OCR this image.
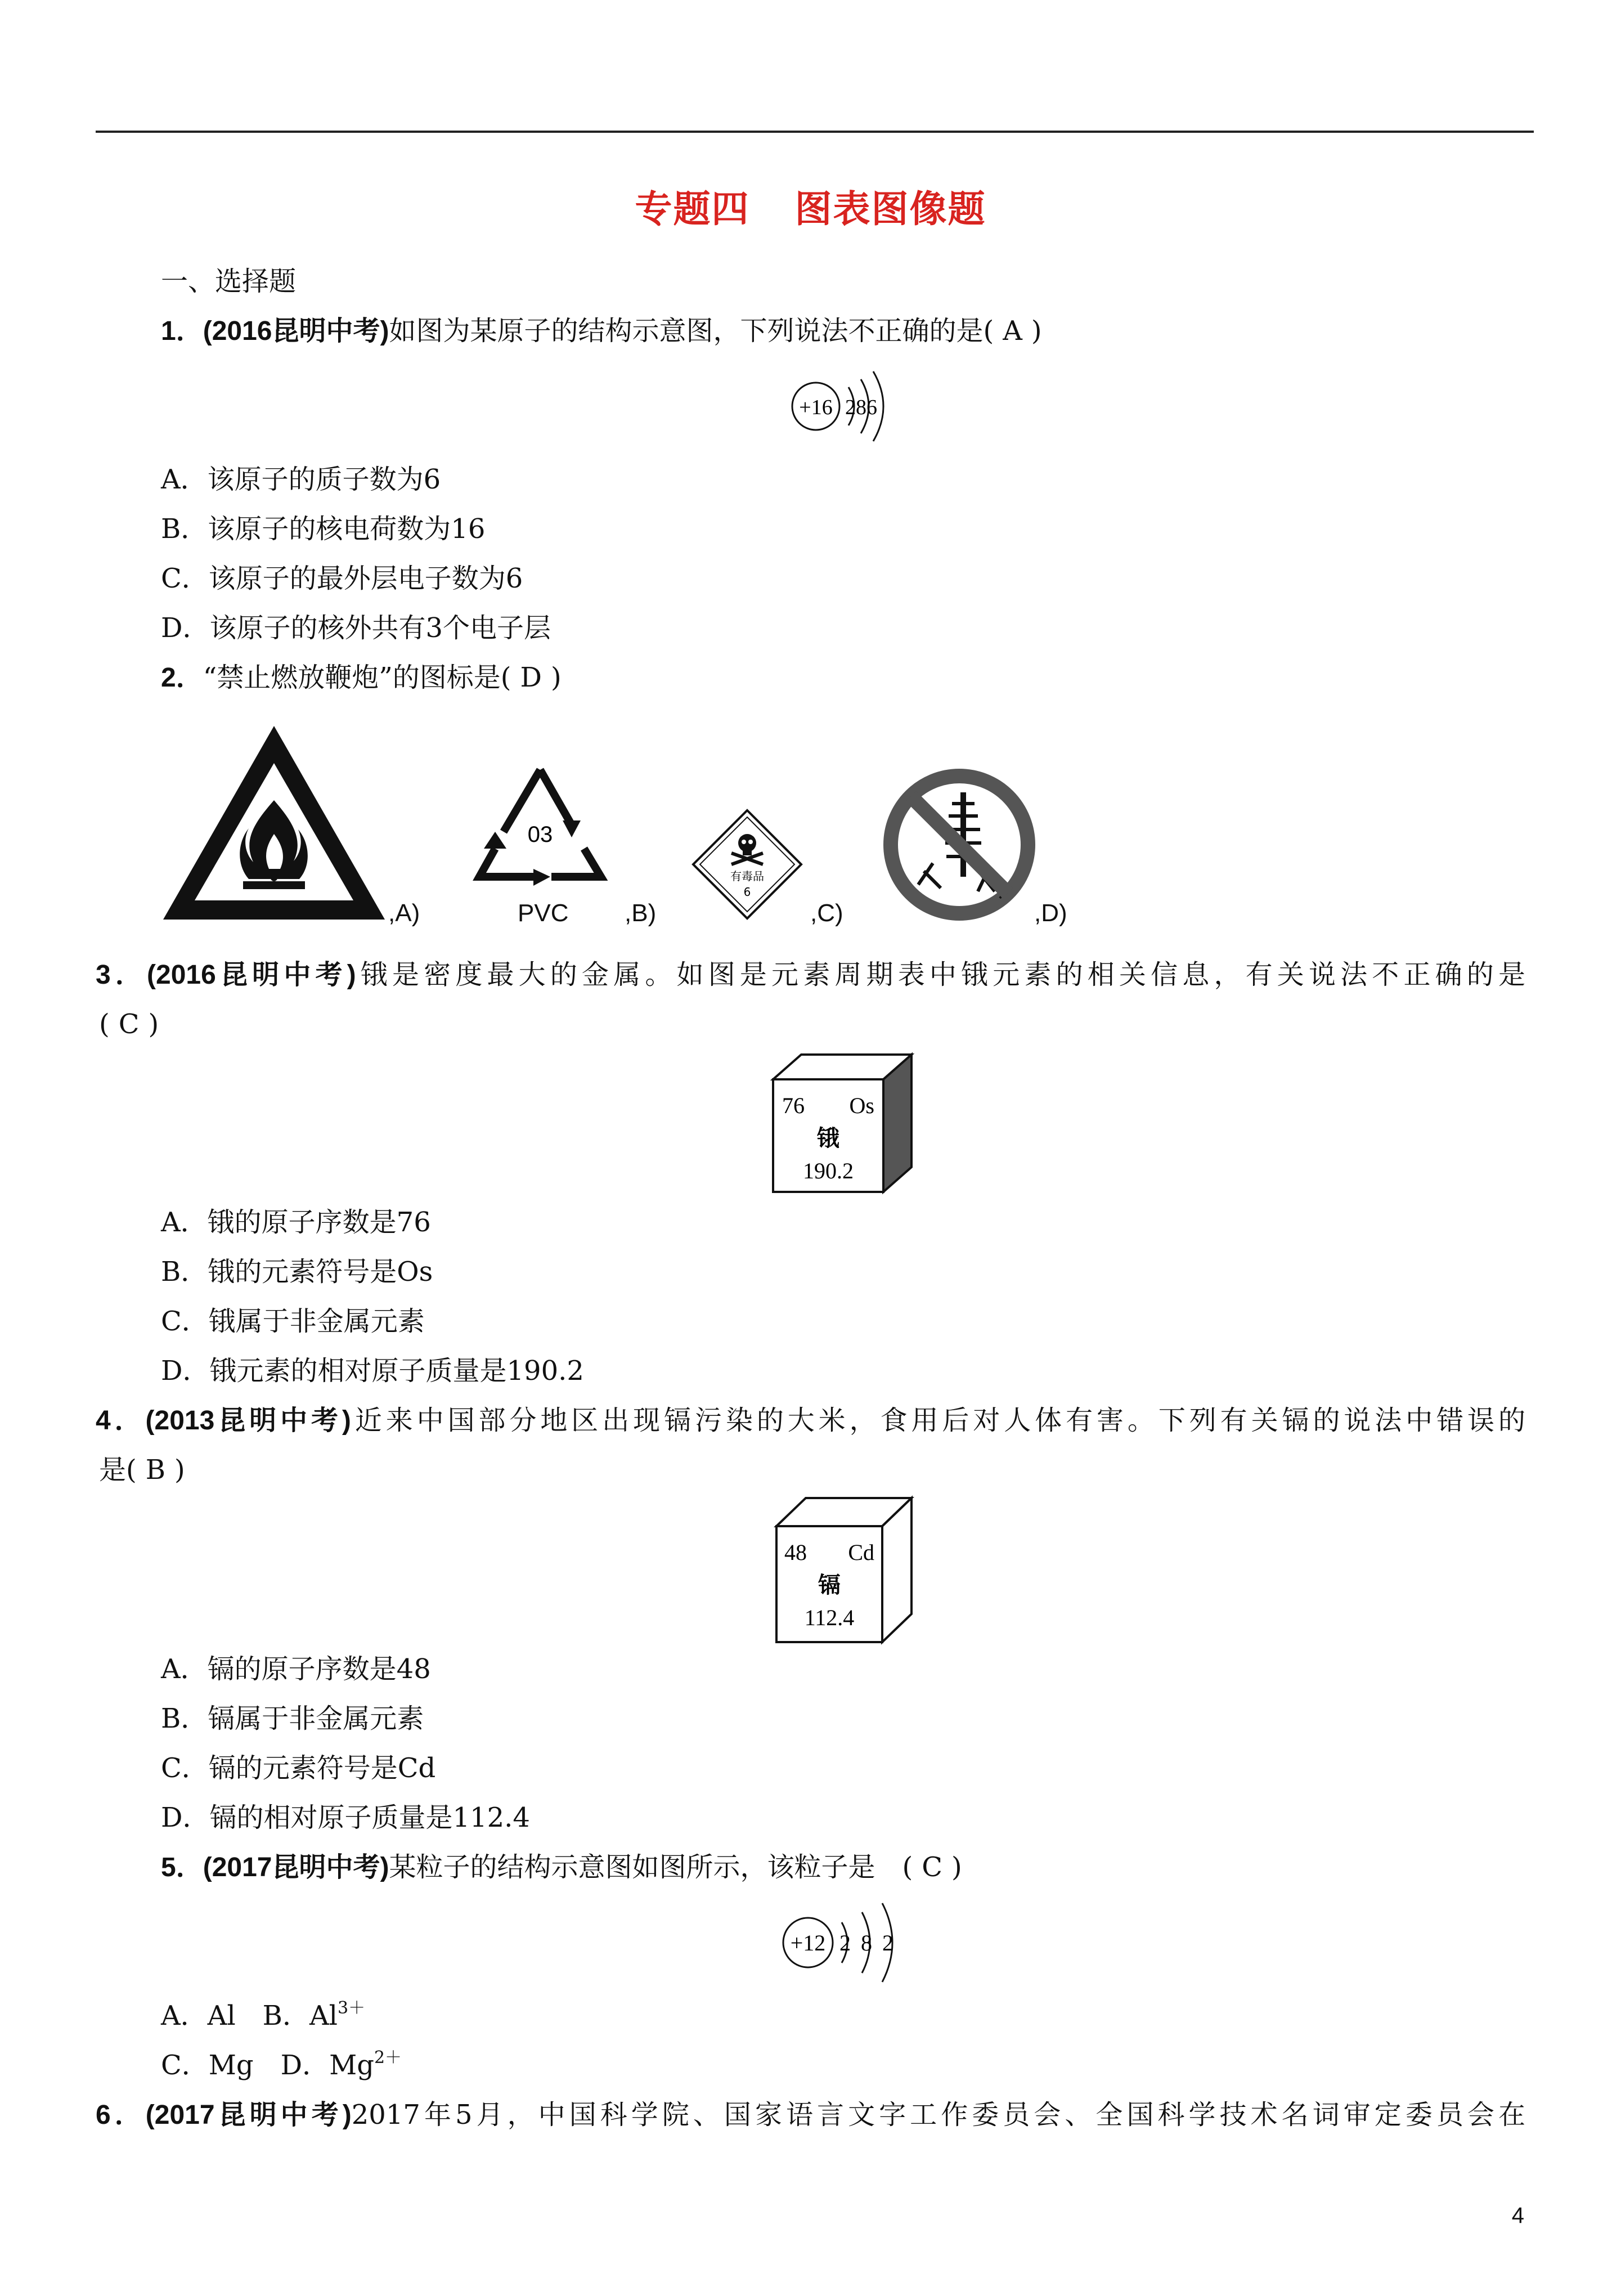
专题四 图表图像题
一、选择题
1．(2016昆明中考)如图为某原子的结构示意图，下列说法不正确的是( A )
+16 286
A．该原子的质子数为6
B．该原子的核电荷数为16
C．该原子的最外层电子数为6
D．该原子的核外共有3个电子层
2．“禁止燃放鞭炮”的图标是( D )
,A)
03
PVC ,B)
有毒品
6
,C)	,D)
3．(2016昆明中考)锇是密度最大的金属。如图是元素周期表中锇元素的相关信息，有关说法不正确的是
( C )
76 Os
锇
190.2
A．锇的原子序数是76
B．锇的元素符号是Os
C．锇属于非金属元素
D．锇元素的相对原子质量是190.2
4．(2013昆明中考)近来中国部分地区出现镉污染的大米，食用后对人体有害。下列有关镉的说法中错误的
是( B )
48 Cd
镉
112.4
A．镉的原子序数是48
B．镉属于非金属元素
C．镉的元素符号是Cd
D．镉的相对原子质量是112.4
5．(2017昆明中考)某粒子的结构示意图如图所示，该粒子是　( C )
+12 2 8 2
A．Al　B．$Al^{3+}$
C．Mg　D．$Mg^{2+}$
6．(2017昆明中考)2017年5月，中国科学院、国家语言文字工作委员会、全国科学技术名词审定委员会在
4
